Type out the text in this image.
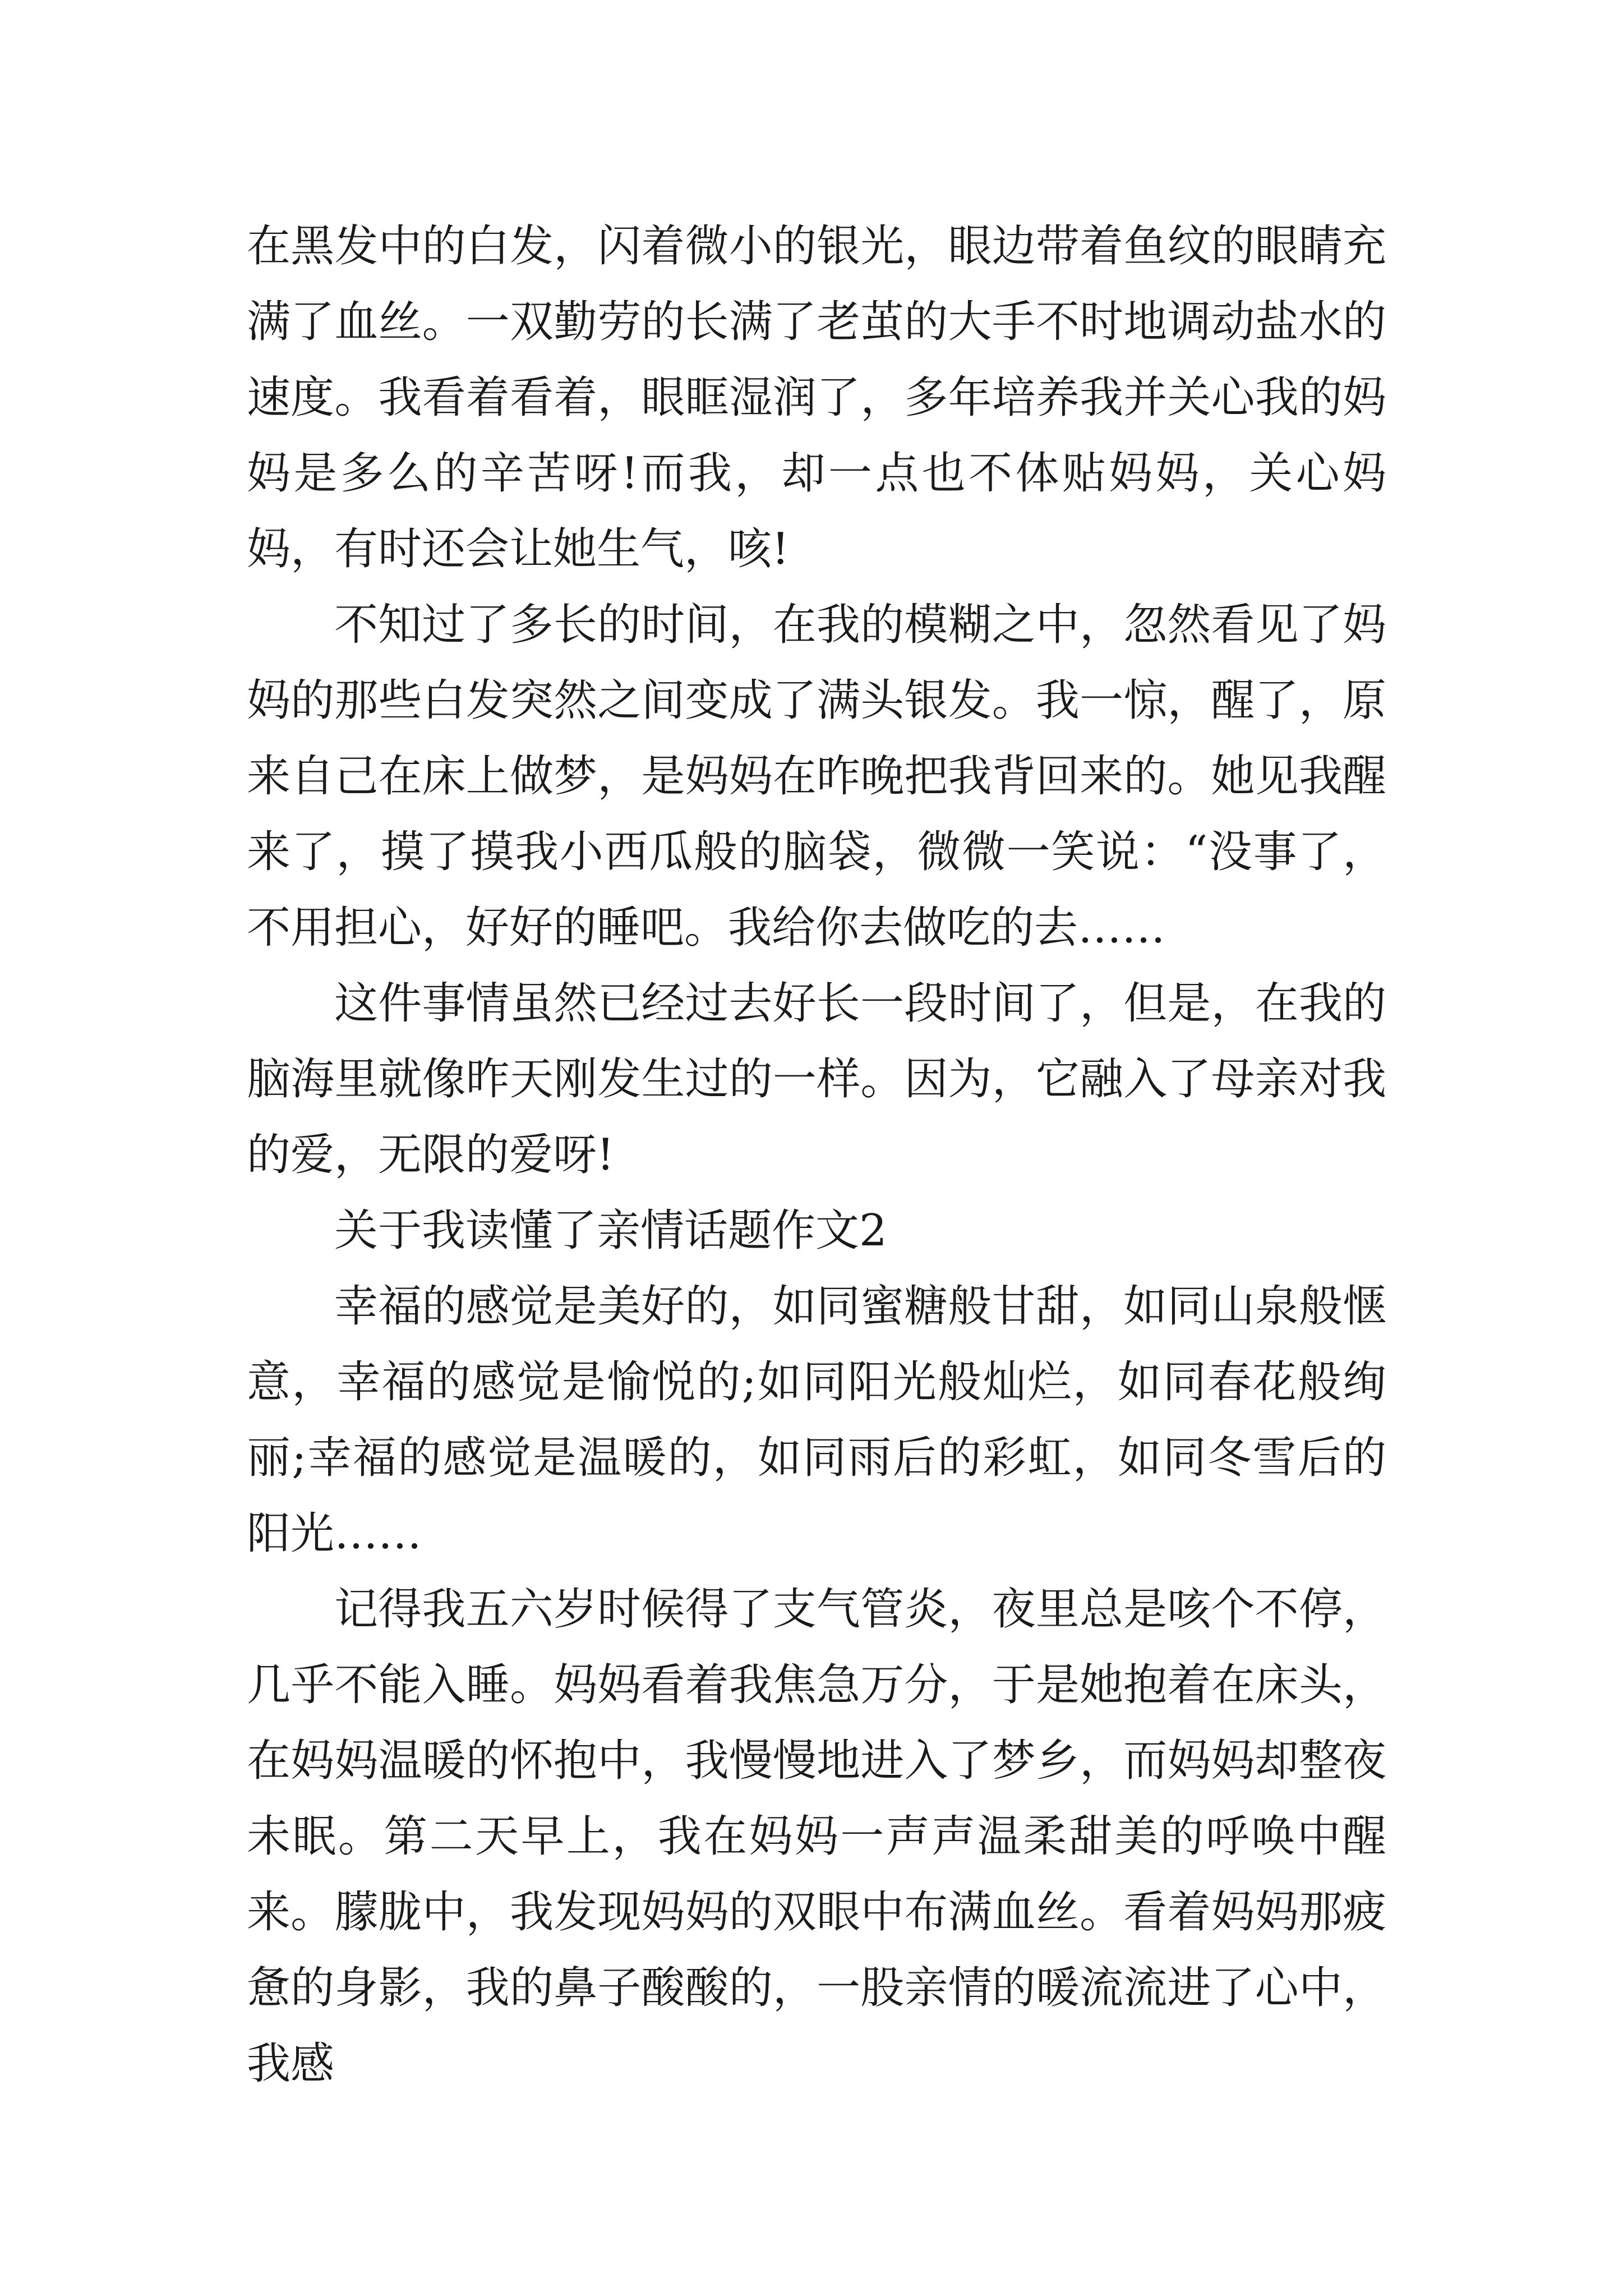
在黑发中的白发，闪着微小的银光，眼边带着鱼纹的眼睛充满了血丝。一双勤劳的长满了老茧的大手不时地调动盐水的速度。我看着看着，眼眶湿润了，多年培养我并关心我的妈妈是多么的辛苦呀!而我，却一点也不体贴妈妈，关心妈妈，有时还会让她生气，咳!

不知过了多长的时间，在我的模糊之中，忽然看见了妈妈的那些白发突然之间变成了满头银发。我一惊，醒了，原来自己在床上做梦，是妈妈在昨晚把我背回来的。她见我醒来了，摸了摸我小西瓜般的脑袋，微微一笑说：“没事了，不用担心，好好的睡吧。我给你去做吃的去……

这件事情虽然已经过去好长一段时间了，但是，在我的脑海里就像昨天刚发生过的一样。因为，它融入了母亲对我的爱，无限的爱呀!

关于我读懂了亲情话题作文2

幸福的感觉是美好的，如同蜜糖般甘甜，如同山泉般惬意，幸福的感觉是愉悦的;如同阳光般灿烂，如同春花般绚丽;幸福的感觉是温暖的，如同雨后的彩虹，如同冬雪后的阳光……

记得我五六岁时候得了支气管炎，夜里总是咳个不停，几乎不能入睡。妈妈看着我焦急万分，于是她抱着在床头，在妈妈温暖的怀抱中，我慢慢地进入了梦乡，而妈妈却整夜未眠。第二天早上，我在妈妈一声声温柔甜美的呼唤中醒来。朦胧中，我发现妈妈的双眼中布满血丝。看着妈妈那疲惫的身影，我的鼻子酸酸的，一股亲情的暖流流进了心中，我感
